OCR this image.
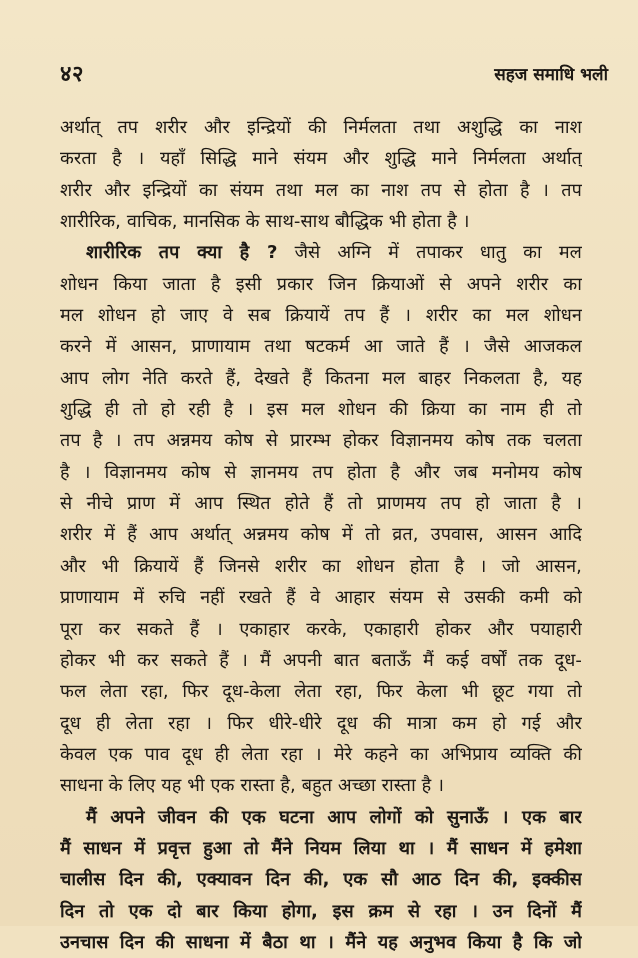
४२	सहज समाधि भली
अर्थात् तप शरीर और इन्द्रियों की निर्मलता तथा अशुद्धि का नाश
करता है । यहाँ सिद्धि माने संयम और शुद्धि माने निर्मलता अर्थात्
शरीर और इन्द्रियों का संयम तथा मल का नाश तप से होता है । तप
शारीरिक, वाचिक, मानसिक के साथ-साथ बौद्धिक भी होता है ।
शारीरिक तप क्या है ? जैसे अग्नि में तपाकर धातु का मल
शोधन किया जाता है इसी प्रकार जिन क्रियाओं से अपने शरीर का
मल शोधन हो जाए वे सब क्रियायें तप हैं । शरीर का मल शोधन
करने में आसन, प्राणायाम तथा षटकर्म आ जाते हैं । जैसे आजकल
आप लोग नेति करते हैं, देखते हैं कितना मल बाहर निकलता है, यह
शुद्धि ही तो हो रही है । इस मल शोधन की क्रिया का नाम ही तो
तप है । तप अन्नमय कोष से प्रारम्भ होकर विज्ञानमय कोष तक चलता
है । विज्ञानमय कोष से ज्ञानमय तप होता है और जब मनोमय कोष
से नीचे प्राण में आप स्थित होते हैं तो प्राणमय तप हो जाता है ।
शरीर में हैं आप अर्थात् अन्नमय कोष में तो व्रत, उपवास, आसन आदि
और भी क्रियायें हैं जिनसे शरीर का शोधन होता है । जो आसन,
प्राणायाम में रुचि नहीं रखते हैं वे आहार संयम से उसकी कमी को
पूरा कर सकते हैं । एकाहार करके, एकाहारी होकर और पयाहारी
होकर भी कर सकते हैं । मैं अपनी बात बताऊँ मैं कई वर्षों तक दूध-
फल लेता रहा, फिर दूध-केला लेता रहा, फिर केला भी छूट गया तो
दूध ही लेता रहा । फिर धीरे-धीरे दूध की मात्रा कम हो गई और
केवल एक पाव दूध ही लेता रहा । मेरे कहने का अभिप्राय व्यक्ति की
साधना के लिए यह भी एक रास्ता है, बहुत अच्छा रास्ता है ।
मैं अपने जीवन की एक घटना आप लोगों को सुनाऊँ । एक बार
मैं साधन में प्रवृत्त हुआ तो मैंने नियम लिया था । मैं साधन में हमेशा
चालीस दिन की, एक्यावन दिन की, एक सौ आठ दिन की, इक्कीस
दिन तो एक दो बार किया होगा, इस क्रम से रहा । उन दिनों मैं
उनचास दिन की साधना में बैठा था । मैंने यह अनुभव किया है कि जो
